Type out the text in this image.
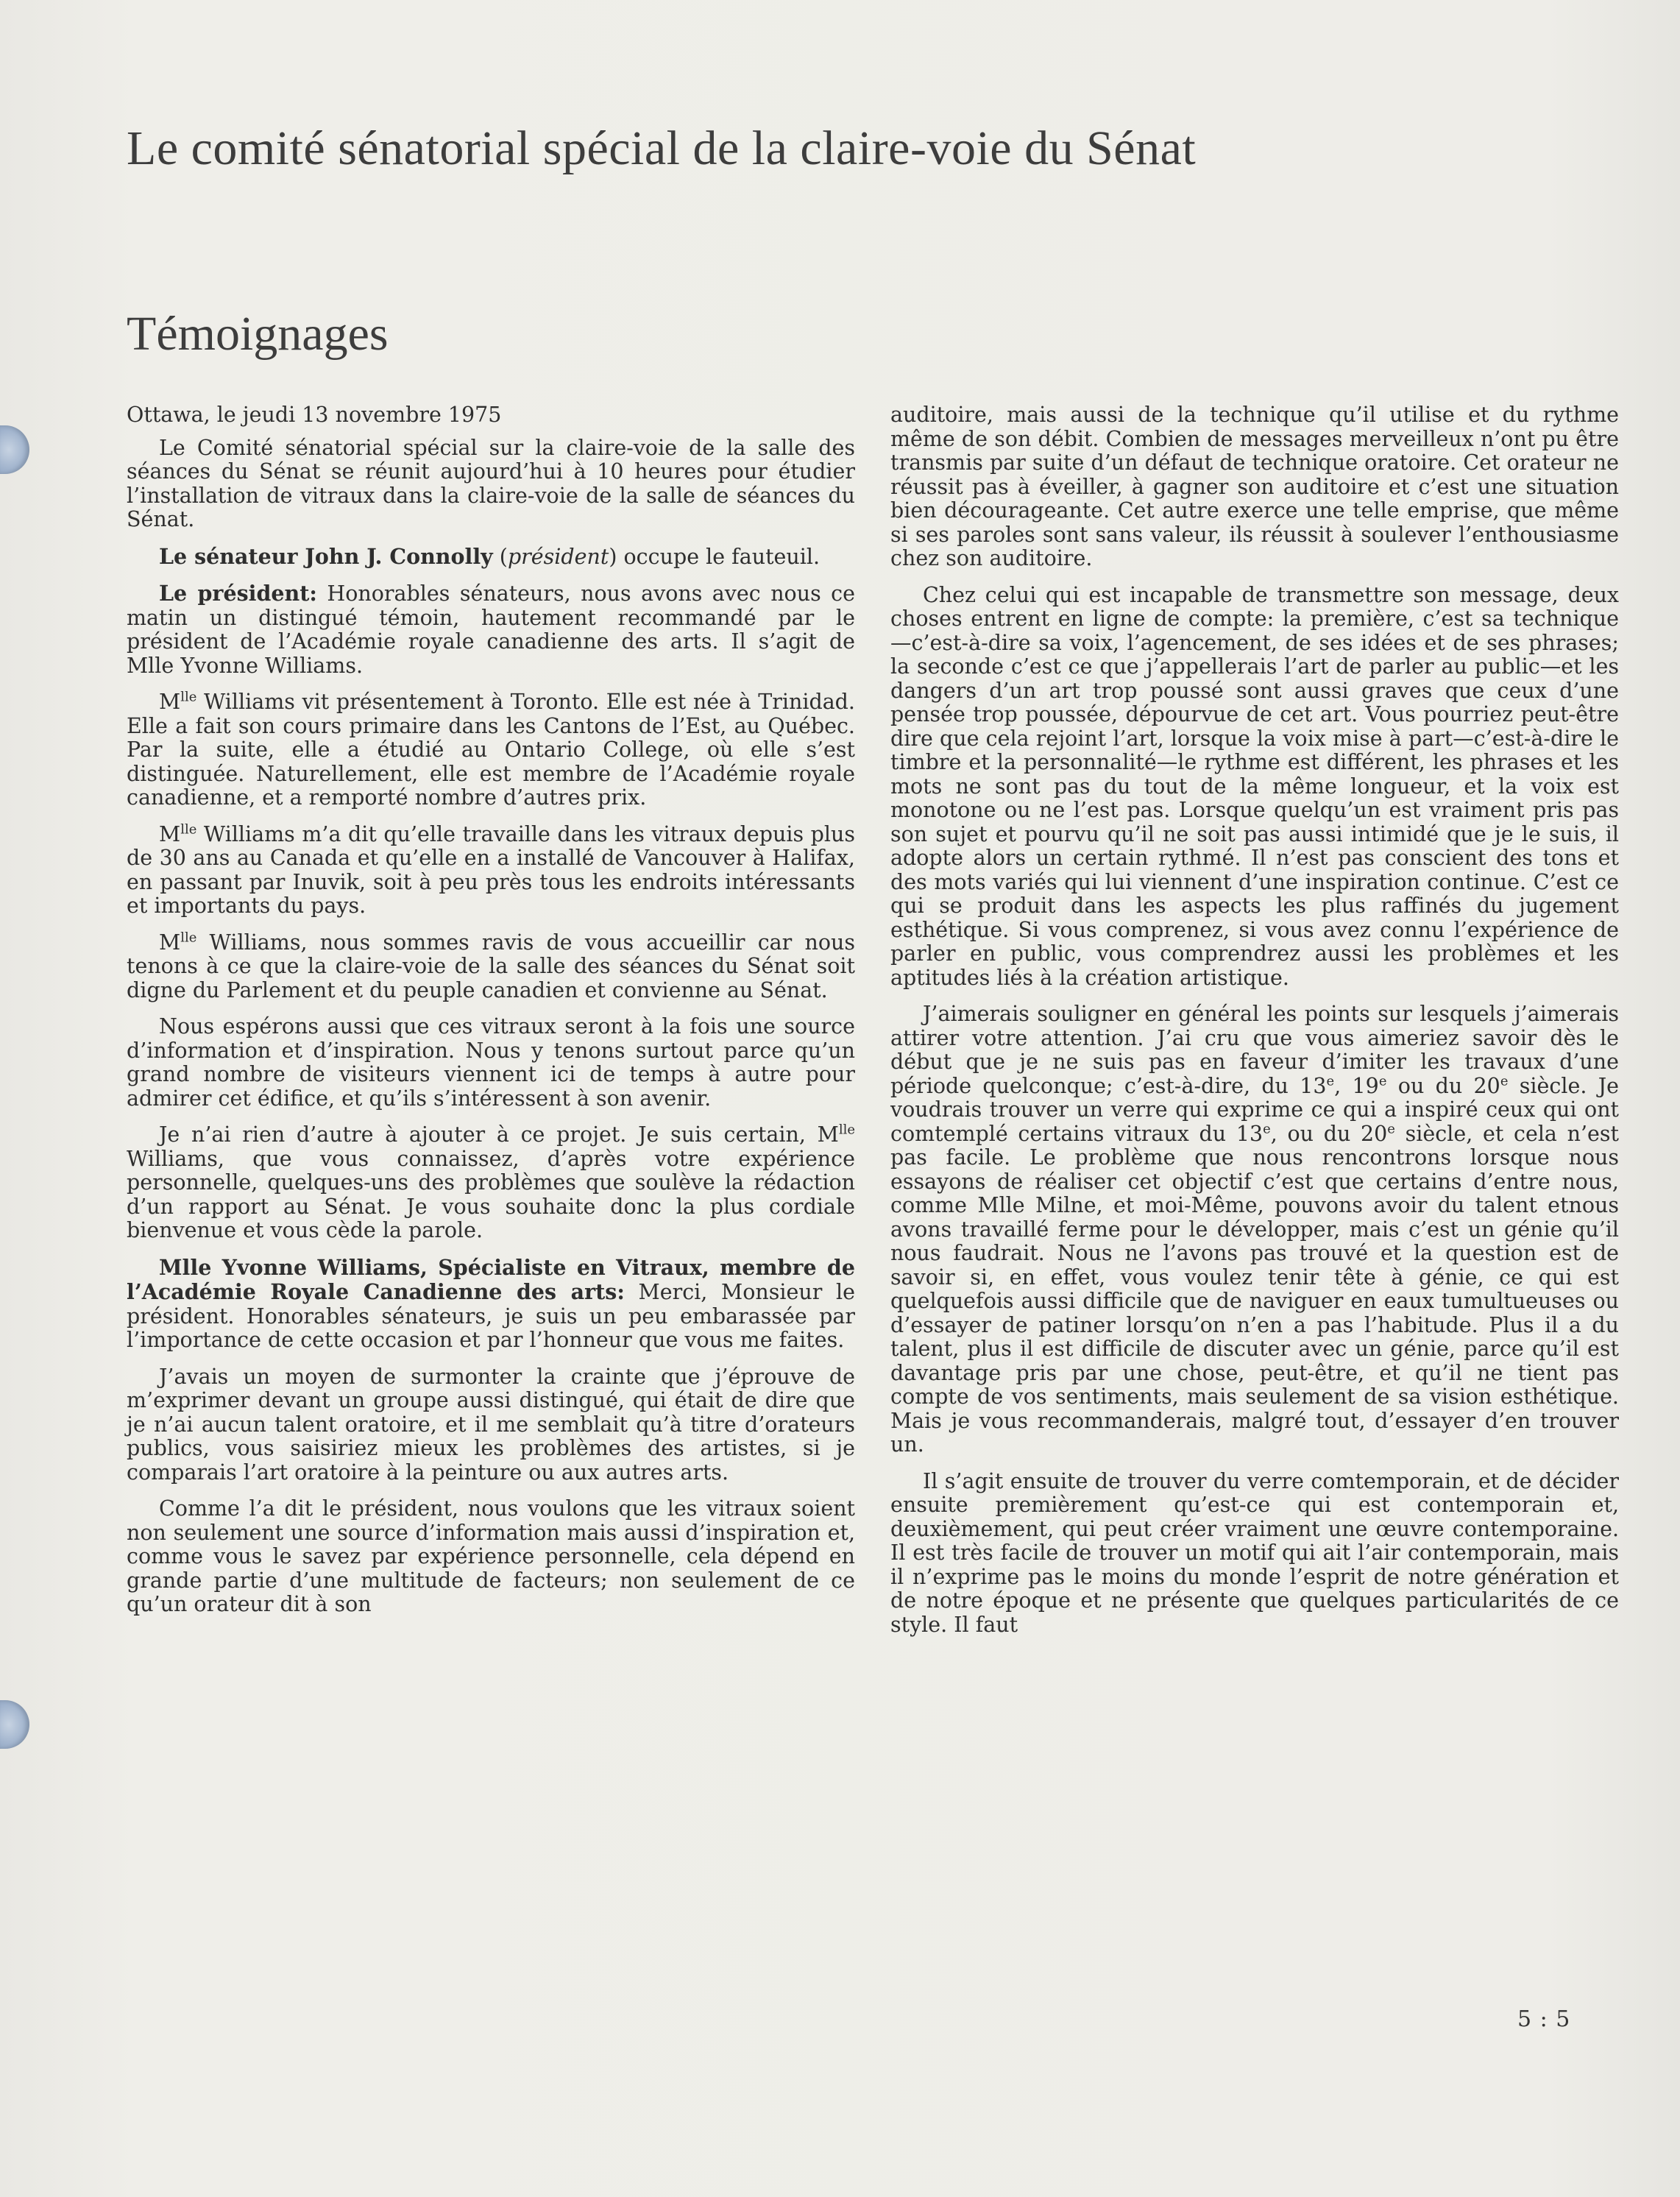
Le comité sénatorial spécial de la claire-voie du Sénat
Témoignages

Ottawa, le jeudi 13 novembre 1975

Le Comité sénatorial spécial sur la claire-voie de la salle des séances du Sénat se réunit aujourd’hui à 10 heures pour étudier l’installation de vitraux dans la claire-voie de la salle de séances du Sénat.

Le sénateur John J. Connolly (président) occupe le fauteuil.

Le président: Honorables sénateurs, nous avons avec nous ce matin un distingué témoin, hautement recommandé par le président de l’Académie royale canadienne des arts. Il s’agit de Mlle Yvonne Williams.

$M^{lle}$ Williams vit présentement à Toronto. Elle est née à Trinidad. Elle a fait son cours primaire dans les Cantons de l’Est, au Québec. Par la suite, elle a étudié au Ontario College, où elle s’est distinguée. Naturellement, elle est membre de l’Académie royale canadienne, et a remporté nombre d’autres prix.

$M^{lle}$ Williams m’a dit qu’elle travaille dans les vitraux depuis plus de 30 ans au Canada et qu’elle en a installé de Vancouver à Halifax, en passant par Inuvik, soit à peu près tous les endroits intéressants et importants du pays.

$M^{lle}$ Williams, nous sommes ravis de vous accueillir car nous tenons à ce que la claire-voie de la salle des séances du Sénat soit digne du Parlement et du peuple canadien et convienne au Sénat.

Nous espérons aussi que ces vitraux seront à la fois une source d’information et d’inspiration. Nous y tenons surtout parce qu’un grand nombre de visiteurs viennent ici de temps à autre pour admirer cet édifice, et qu’ils s’intéressent à son avenir.

Je n’ai rien d’autre à ajouter à ce projet. Je suis certain, $M^{lle}$ Williams, que vous connaissez, d’après votre expérience personnelle, quelques-uns des problèmes que soulève la rédaction d’un rapport au Sénat. Je vous souhaite donc la plus cordiale bienvenue et vous cède la parole.

Mlle Yvonne Williams, Spécialiste en Vitraux, membre de l’Académie Royale Canadienne des arts: Merci, Monsieur le président. Honorables sénateurs, je suis un peu embarassée par l’importance de cette occasion et par l’honneur que vous me faites.

J’avais un moyen de surmonter la crainte que j’éprouve de m’exprimer devant un groupe aussi distingué, qui était de dire que je n’ai aucun talent oratoire, et il me semblait qu’à titre d’orateurs publics, vous saisiriez mieux les problèmes des artistes, si je comparais l’art oratoire à la peinture ou aux autres arts.

Comme l’a dit le président, nous voulons que les vitraux soient non seulement une source d’information mais aussi d’inspiration et, comme vous le savez par expérience personnelle, cela dépend en grande partie d’une multitude de facteurs; non seulement de ce qu’un orateur dit à son

auditoire, mais aussi de la technique qu’il utilise et du rythme même de son débit. Combien de messages merveilleux n’ont pu être transmis par suite d’un défaut de technique oratoire. Cet orateur ne réussit pas à éveiller, à gagner son auditoire et c’est une situation bien décourageante. Cet autre exerce une telle emprise, que même si ses paroles sont sans valeur, ils réussit à soulever l’enthousiasme chez son auditoire.

Chez celui qui est incapable de transmettre son message, deux choses entrent en ligne de compte: la première, c’est sa technique—c’est-à-dire sa voix, l’agencement, de ses idées et de ses phrases; la seconde c’est ce que j’appellerais l’art de parler au public—et les dangers d’un art trop poussé sont aussi graves que ceux d’une pensée trop poussée, dépourvue de cet art. Vous pourriez peut-être dire que cela rejoint l’art, lorsque la voix mise à part—c’est-à-dire le timbre et la personnalité—le rythme est différent, les phrases et les mots ne sont pas du tout de la même longueur, et la voix est monotone ou ne l’est pas. Lorsque quelqu’un est vraiment pris pas son sujet et pourvu qu’il ne soit pas aussi intimidé que je le suis, il adopte alors un certain rythmé. Il n’est pas conscient des tons et des mots variés qui lui viennent d’une inspiration continue. C’est ce qui se produit dans les aspects les plus raffinés du jugement esthétique. Si vous comprenez, si vous avez connu l’expérience de parler en public, vous comprendrez aussi les problèmes et les aptitudes liés à la création artistique.

J’aimerais souligner en général les points sur lesquels j’aimerais attirer votre attention. J’ai cru que vous aimeriez savoir dès le début que je ne suis pas en faveur d’imiter les travaux d’une période quelconque; c’est-à-dire, du 13e, 19e ou du 20e siècle. Je voudrais trouver un verre qui exprime ce qui a inspiré ceux qui ont comtemplé certains vitraux du 13e, ou du 20e siècle, et cela n’est pas facile. Le problème que nous rencontrons lorsque nous essayons de réaliser cet objectif c’est que certains d’entre nous, comme Mlle Milne, et moi-Même, pouvons avoir du talent etnous avons travaillé ferme pour le développer, mais c’est un génie qu’il nous faudrait. Nous ne l’avons pas trouvé et la question est de savoir si, en effet, vous voulez tenir tête à génie, ce qui est quelquefois aussi difficile que de naviguer en eaux tumultueuses ou d’essayer de patiner lorsqu’on n’en a pas l’habitude. Plus il a du talent, plus il est difficile de discuter avec un génie, parce qu’il est davantage pris par une chose, peut-être, et qu’il ne tient pas compte de vos sentiments, mais seulement de sa vision esthétique. Mais je vous recommanderais, malgré tout, d’essayer d’en trouver un.

Il s’agit ensuite de trouver du verre comtemporain, et de décider ensuite premièrement qu’est-ce qui est contemporain et, deuxièmement, qui peut créer vraiment une œuvre contemporaine. Il est très facile de trouver un motif qui ait l’air contemporain, mais il n’exprime pas le moins du monde l’esprit de notre génération et de notre époque et ne présente que quelques particularités de ce style. Il faut

5 : 5
